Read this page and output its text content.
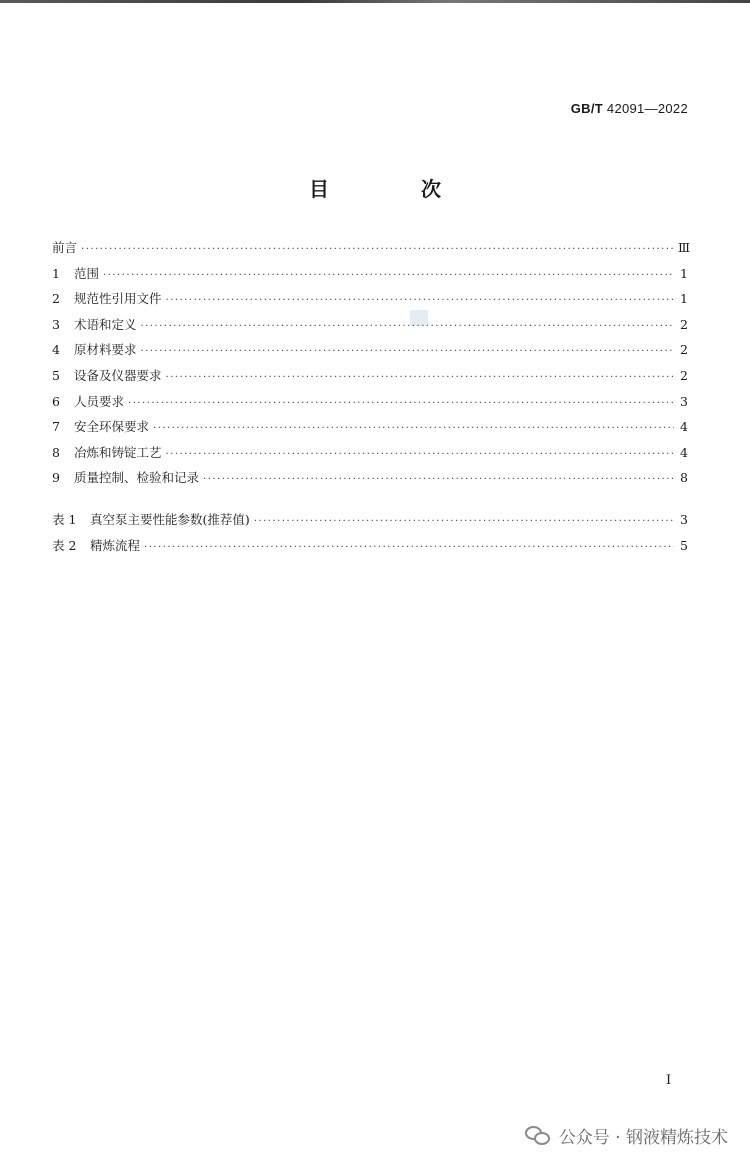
GB/T 42091—2022
目　次
前言 ·····	Ⅲ
1	范围 ·····	1
2	规范性引用文件 ·····	1
3	术语和定义 ·····	2
4	原材料要求 ·····	2
5	设备及仪器要求 ·····	2
6	人员要求 ·····	3
7	安全环保要求 ·····	4
8	冶炼和铸锭工艺 ·····	4
9	质量控制、检验和记录 ·····	8
表 1	真空泵主要性能参数(推荐值) ·····	3
表 2	精炼流程 ·····	5
I
公众号 · 钢液精炼技术
